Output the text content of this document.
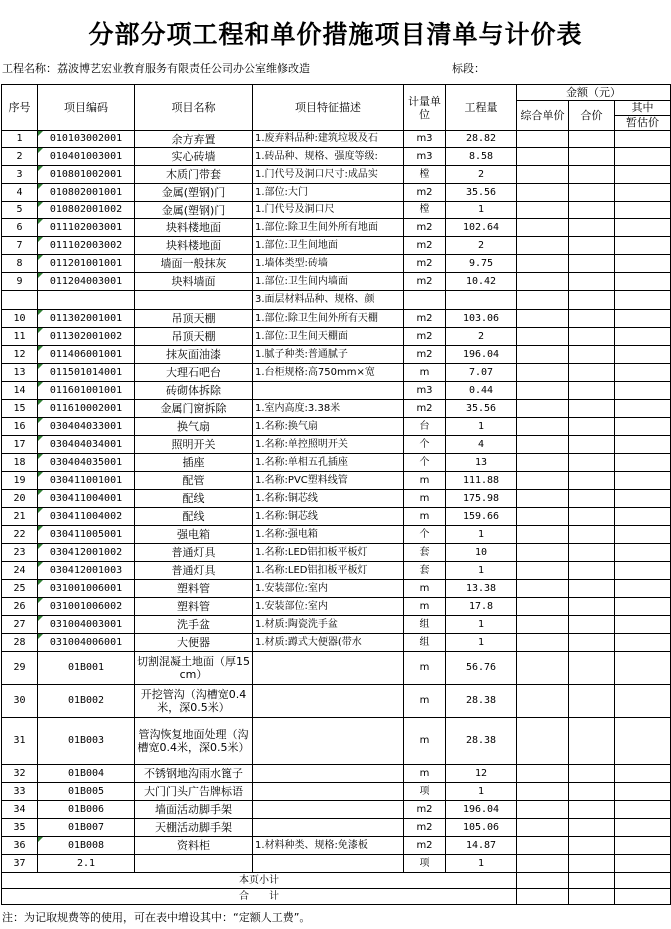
分部分项工程和单价措施项目清单与计价表
工程名称：荔波博艺宏业教育服务有限责任公司办公室维修改造	标段：
序号	项目编码	项目名称	项目特征描述	计量单位	工程量	金额（元）		
						综合单价	合价	其中
								暂估价
1	010103002001	余方弃置	1.废弃料品种:建筑垃圾及石	m3	28.82			
2	010401003001	实心砖墙	1.砖品种、规格、强度等级:	m3	8.58			
3	010801002001	木质门带套	1.门代号及洞口尺寸:成品实	樘	2			
4	010802001001	金属(塑钢)门	1.部位:大门	m2	35.56			
5	010802001002	金属(塑钢)门	1.门代号及洞口尺	樘	1			
6	011102003001	块料楼地面	1.部位:除卫生间外所有地面	m2	102.64			
7	011102003002	块料楼地面	1.部位:卫生间地面	m2	2			
8	011201001001	墙面一般抹灰	1.墙体类型:砖墙	m2	9.75			
9	011204003001	块料墙面	1.部位:卫生间内墙面	m2	10.42			
			3.面层材料品种、规格、颜					
10	011302001001	吊顶天棚	1.部位:除卫生间外所有天棚	m2	103.06			
11	011302001002	吊顶天棚	1.部位:卫生间天棚面	m2	2			
12	011406001001	抹灰面油漆	1.腻子种类:普通腻子	m2	196.04			
13	011501014001	大理石吧台	1.台柜规格:高750mm×宽	m	7.07			
14	011601001001	砖砌体拆除		m3	0.44			
15	011610002001	金属门窗拆除	1.室内高度:3.38米	m2	35.56			
16	030404033001	换气扇	1.名称:换气扇	台	1			
17	030404034001	照明开关	1.名称:单控照明开关	个	4			
18	030404035001	插座	1.名称:单相五孔插座	个	13			
19	030411001001	配管	1.名称:PVC塑料线管	m	111.88			
20	030411004001	配线	1.名称:铜芯线	m	175.98			
21	030411004002	配线	1.名称:铜芯线	m	159.66			
22	030411005001	强电箱	1.名称:强电箱	个	1			
23	030412001002	普通灯具	1.名称:LED铝扣板平板灯	套	10			
24	030412001003	普通灯具	1.名称:LED铝扣板平板灯	套	1			
25	031001006001	塑料管	1.安装部位:室内	m	13.38			
26	031001006002	塑料管	1.安装部位:室内	m	17.8			
27	031004003001	洗手盆	1.材质:陶瓷洗手盆	组	1			
28	031004006001	大便器	1.材质:蹲式大便器(带水	组	1			
29	01B001	切割混凝土地面（厚15cm）		m	56.76			
30	01B002	开挖管沟（沟槽宽0.4米，深0.5米）		m	28.38			
31	01B003	管沟恢复地面处理（沟槽宽0.4米，深0.5米）		m	28.38			
32	01B004	不锈钢地沟雨水篦子		m	12			
33	01B005	大门门头广告牌标语		项	1			
34	01B006	墙面活动脚手架		m2	196.04			
35	01B007	天棚活动脚手架		m2	105.06			
36	01B008	资料柜	1.材料种类、规格:免漆板	m2	14.87			
37	2.1			项	1			
本页小计								
合　　计								
注：为记取规费等的使用，可在表中增设其中：“定额人工费”。
